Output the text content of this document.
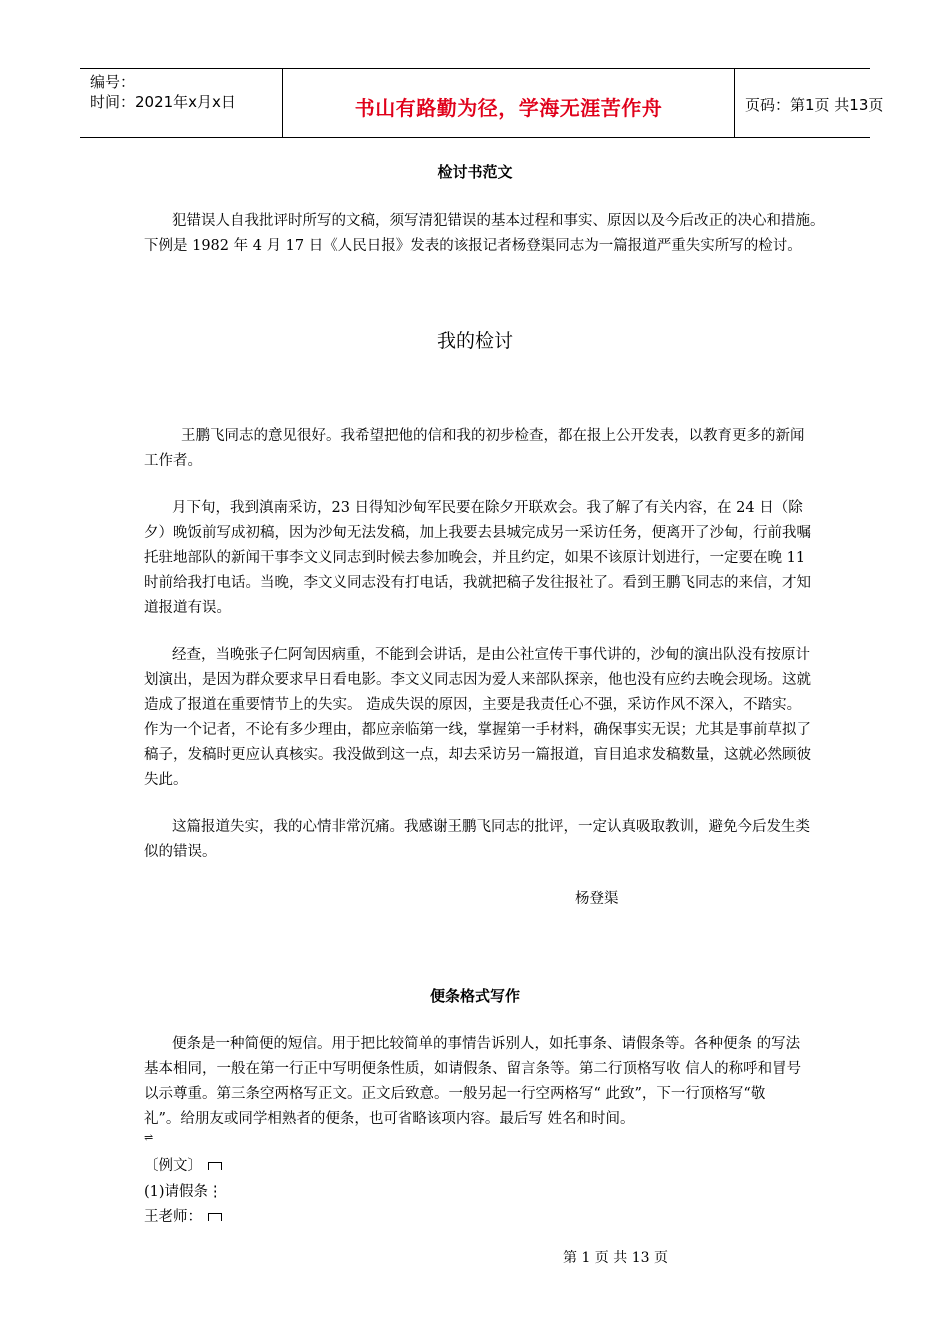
编号：
时间：2021年x月x日	书山有路勤为径，学海无涯苦作舟	页码：第1页 共13页
检讨书范文
犯错误人自我批评时所写的文稿，须写清犯错误的基本过程和事实、原因以及今后改正的决心和措施。
下例是 1982 年 4 月 17 日《人民日报》发表的该报记者杨登渠同志为一篇报道严重失实所写的检讨。
我的检讨
王鹏飞同志的意见很好。我希望把他的信和我的初步检查，都在报上公开发表，以教育更多的新闻
工作者。
月下旬，我到滇南采访，23 日得知沙甸军民要在除夕开联欢会。我了解了有关内容，在 24 日（除
夕）晚饭前写成初稿，因为沙甸无法发稿，加上我要去县城完成另一采访任务，便离开了沙甸，行前我嘱
托驻地部队的新闻干事李文义同志到时候去参加晚会，并且约定，如果不该原计划进行，一定要在晚 11
时前给我打电话。当晚，李文义同志没有打电话，我就把稿子发往报社了。看到王鹏飞同志的来信，才知
道报道有误。
经查，当晚张子仁阿訇因病重，不能到会讲话，是由公社宣传干事代讲的，沙甸的演出队没有按原计
划演出，是因为群众要求早日看电影。李文义同志因为爱人来部队探亲，他也没有应约去晚会现场。这就
造成了报道在重要情节上的失实。 造成失误的原因，主要是我责任心不强，采访作风不深入，不踏实。
作为一个记者，不论有多少理由，都应亲临第一线，掌握第一手材料，确保事实无误；尤其是事前草拟了
稿子，发稿时更应认真核实。我没做到这一点，却去采访另一篇报道，盲目追求发稿数量，这就必然顾彼
失此。
这篇报道失实，我的心情非常沉痛。我感谢王鹏飞同志的批评，一定认真吸取教训，避免今后发生类
似的错误。
杨登渠
便条格式写作
便条是一种简便的短信。用于把比较简单的事情告诉别人，如托事条、请假条等。各种便条 的写法
基本相同，一般在第一行正中写明便条性质，如请假条、留言条等。第二行顶格写收 信人的称呼和冒号
以示尊重。第三条空两格写正文。正文后致意。一般另起一行空两格写“ 此致”，下一行顶格写“敬
礼”。给朋友或同学相熟者的便条，也可省略该项内容。最后写 姓名和时间。
⇌
〔例文〕
(1)请假条⋮
王老师：
第 1 页 共 13 页
